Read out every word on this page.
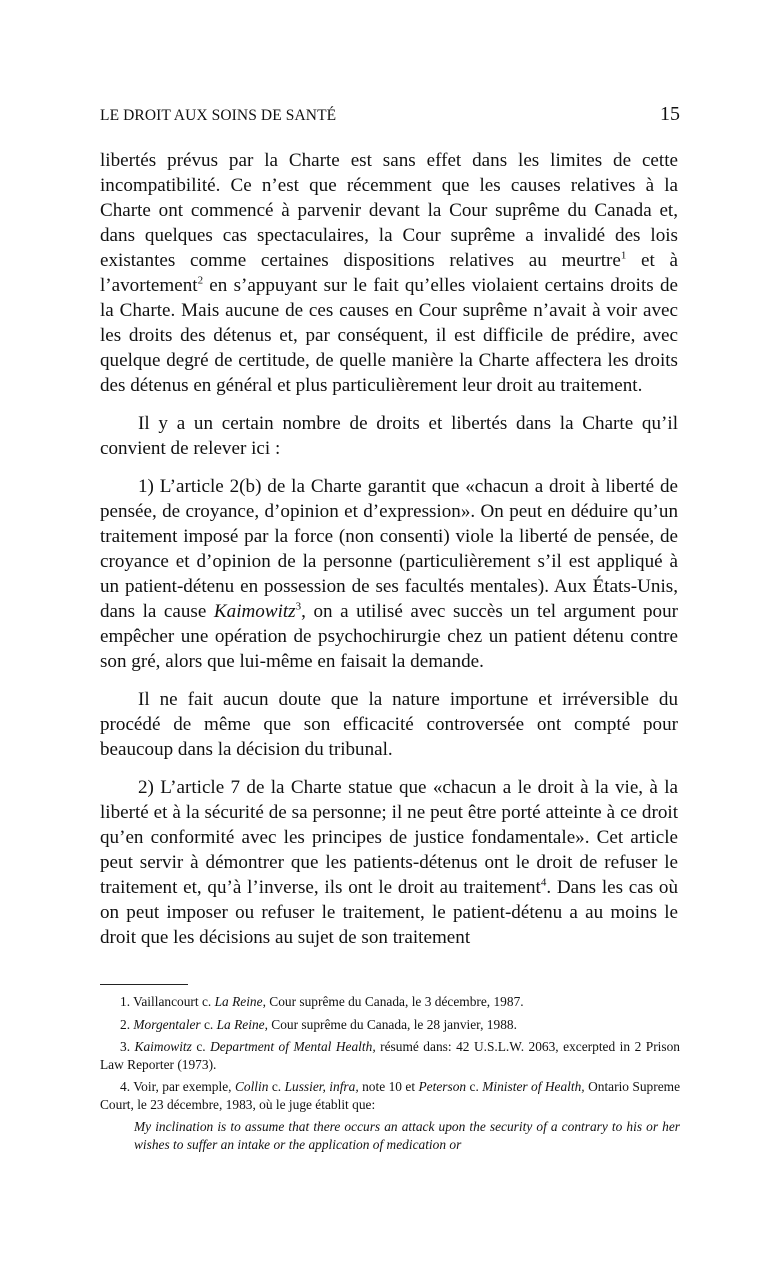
LE DROIT AUX SOINS DE SANTÉ	15

libertés prévus par la Charte est sans effet dans les limites de cette incompatibilité. Ce n’est que récemment que les causes relatives à la Charte ont commencé à parvenir devant la Cour suprême du Canada et, dans quelques cas spectaculaires, la Cour suprême a invalidé des lois existantes comme certaines dispositions relatives au meurtre$^1$ et à l’avortement$^2$ en s’appuyant sur le fait qu’elles violaient certains droits de la Charte. Mais aucune de ces causes en Cour suprême n’avait à voir avec les droits des détenus et, par conséquent, il est difficile de prédire, avec quelque degré de certitude, de quelle manière la Charte affectera les droits des détenus en général et plus particulièrement leur droit au traitement.

Il y a un certain nombre de droits et libertés dans la Charte qu’il convient de relever ici :

1) L’article 2(b) de la Charte garantit que «chacun a droit à liberté de pensée, de croyance, d’opinion et d’expression». On peut en déduire qu’un traitement imposé par la force (non consenti) viole la liberté de pensée, de croyance et d’opinion de la personne (particulièrement s’il est appliqué à un patient-détenu en possession de ses facultés mentales). Aux États-Unis, dans la cause Kaimowitz$^3$, on a utilisé avec succès un tel argument pour empêcher une opération de psychochirurgie chez un patient détenu contre son gré, alors que lui-même en faisait la demande.

Il ne fait aucun doute que la nature importune et irréversible du procédé de même que son efficacité controversée ont compté pour beaucoup dans la décision du tribunal.

2) L’article 7 de la Charte statue que «chacun a le droit à la vie, à la liberté et à la sécurité de sa personne; il ne peut être porté atteinte à ce droit qu’en conformité avec les principes de justice fondamentale». Cet article peut servir à démontrer que les patients-détenus ont le droit de refuser le traitement et, qu’à l’inverse, ils ont le droit au traitement$^4$. Dans les cas où on peut imposer ou refuser le traitement, le patient-détenu a au moins le droit que les décisions au sujet de son traitement

1. Vaillancourt c. La Reine, Cour suprême du Canada, le 3 décembre, 1987.

2. Morgentaler c. La Reine, Cour suprême du Canada, le 28 janvier, 1988.

3. Kaimowitz c. Department of Mental Health, résumé dans: 42 U.S.L.W. 2063, excerpted in 2 Prison Law Reporter (1973).

4. Voir, par exemple, Collin c. Lussier, infra, note 10 et Peterson c. Minister of Health, Ontario Supreme Court, le 23 décembre, 1983, où le juge établit que:

My inclination is to assume that there occurs an attack upon the security of a contrary to his or her wishes to suffer an intake or the application of medication or
